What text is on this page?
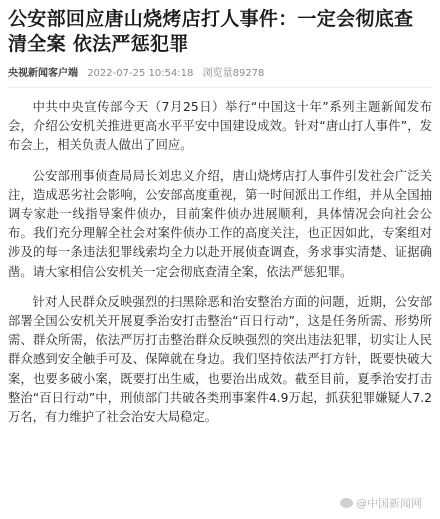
公安部回应唐山烧烤店打人事件：一定会彻底查清全案 依法严惩犯罪
央视新闻客户端 2022-07-25 10:54:18 浏览量89278

中共中央宣传部今天（7月25日）举行“中国这十年”系列主题新闻发布会，介绍公安机关推进更高水平平安中国建设成效。针对“唐山打人事件”，发布会上，相关负责人做出了回应。

公安部刑事侦查局局长刘忠义介绍，唐山烧烤店打人事件引发社会广泛关注，造成恶劣社会影响，公安部高度重视，第一时间派出工作组，并从全国抽调专家赴一线指导案件侦办，目前案件侦办进展顺利，具体情况会向社会公布。我们充分理解全社会对案件侦办工作的高度关注，也正因如此，专案组对涉及的每一条违法犯罪线索均全力以赴开展侦查调查，务求事实清楚、证据确凿。请大家相信公安机关一定会彻底查清全案，依法严惩犯罪。

针对人民群众反映强烈的扫黑除恶和治安整治方面的问题，近期，公安部部署全国公安机关开展夏季治安打击整治“百日行动”，这是任务所需、形势所需、群众所需，依法严厉打击整治群众反映强烈的突出违法犯罪，切实让人民群众感到安全触手可及、保障就在身边。我们坚持依法严打方针，既要快破大案，也要多破小案，既要打出生威，也要治出成效。截至目前，夏季治安打击整治“百日行动”中，刑侦部门共破各类刑事案件4.9万起，抓获犯罪嫌疑人7.2万名，有力维护了社会治安大局稳定。

@中国新闻网
